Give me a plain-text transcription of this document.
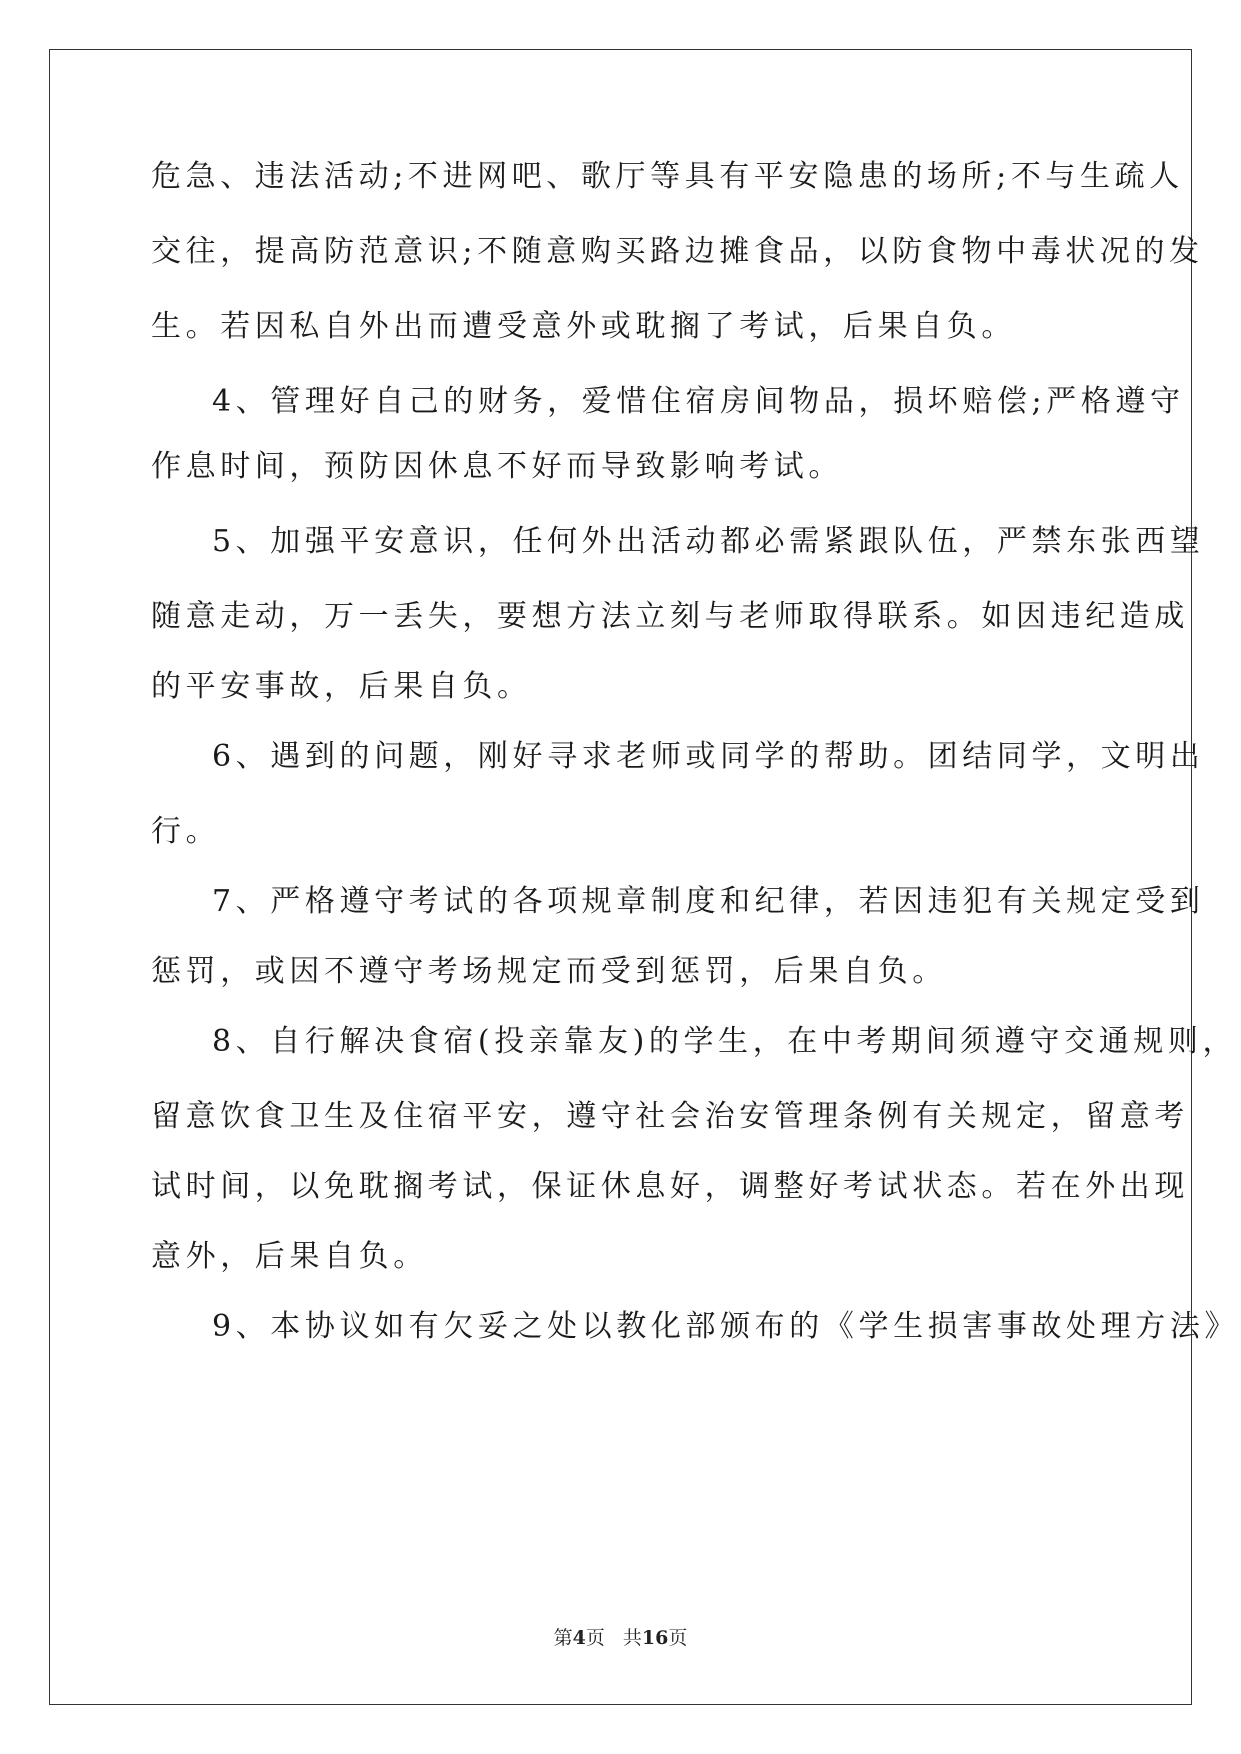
危急、违法活动;不进网吧、歌厅等具有平安隐患的场所;不与生疏人
交往，提高防范意识;不随意购买路边摊食品，以防食物中毒状况的发
生。若因私自外出而遭受意外或耽搁了考试，后果自负。
4、管理好自己的财务，爱惜住宿房间物品，损坏赔偿;严格遵守
作息时间，预防因休息不好而导致影响考试。
5、加强平安意识，任何外出活动都必需紧跟队伍，严禁东张西望
随意走动，万一丢失，要想方法立刻与老师取得联系。如因违纪造成
的平安事故，后果自负。
6、遇到的问题，刚好寻求老师或同学的帮助。团结同学，文明出
行。
7、严格遵守考试的各项规章制度和纪律，若因违犯有关规定受到
惩罚，或因不遵守考场规定而受到惩罚，后果自负。
8、自行解决食宿(投亲靠友)的学生，在中考期间须遵守交通规则，
留意饮食卫生及住宿平安，遵守社会治安管理条例有关规定，留意考
试时间，以免耽搁考试，保证休息好，调整好考试状态。若在外出现
意外，后果自负。
9、本协议如有欠妥之处以教化部颁布的《学生损害事故处理方法》
第4页 共16页
